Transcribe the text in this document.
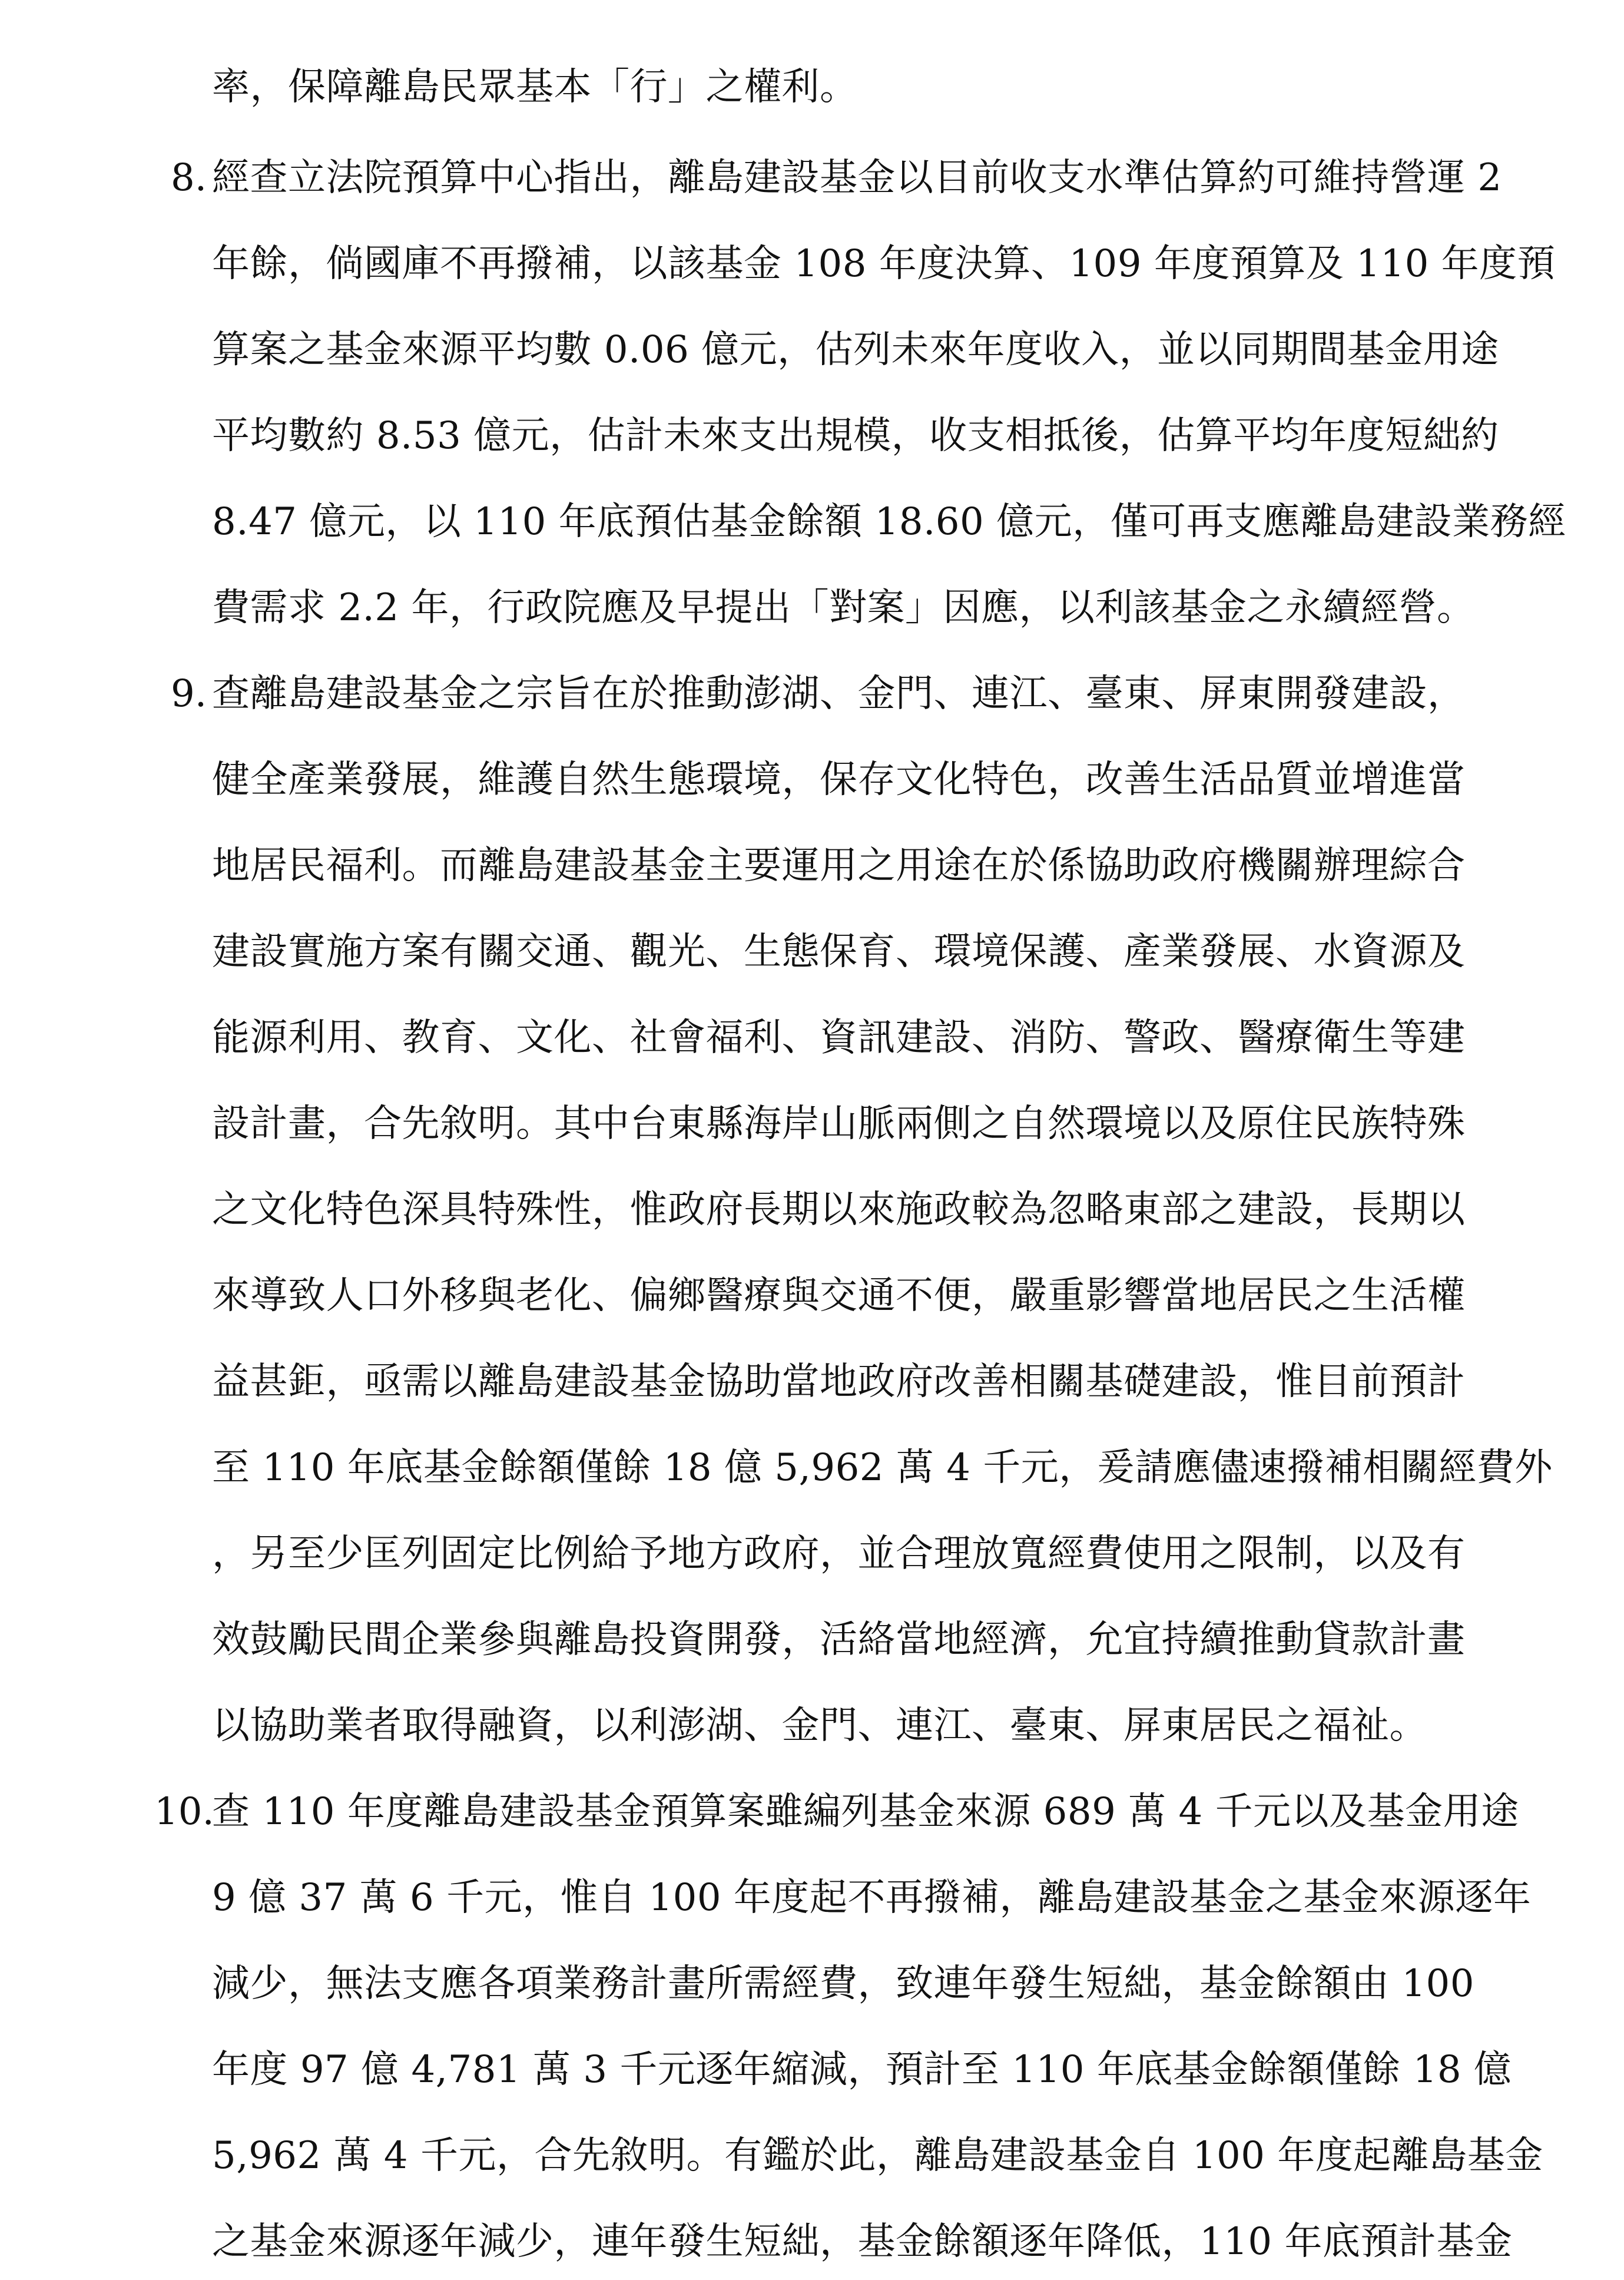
率，保障離島民眾基本「行」之權利。

8. 經查立法院預算中心指出，離島建設基金以目前收支水準估算約可維持營運 2

年餘，倘國庫不再撥補，以該基金 108 年度決算、109 年度預算及 110 年度預

算案之基金來源平均數 0.06 億元，估列未來年度收入，並以同期間基金用途

平均數約 8.53 億元，估計未來支出規模，收支相抵後，估算平均年度短絀約

8.47 億元，以 110 年底預估基金餘額 18.60 億元，僅可再支應離島建設業務經

費需求 2.2 年，行政院應及早提出「對案」因應，以利該基金之永續經營。

9. 查離島建設基金之宗旨在於推動澎湖、金門、連江、臺東、屏東開發建設，

健全產業發展，維護自然生態環境，保存文化特色，改善生活品質並增進當

地居民福利。而離島建設基金主要運用之用途在於係協助政府機關辦理綜合

建設實施方案有關交通、觀光、生態保育、環境保護、產業發展、水資源及

能源利用、教育、文化、社會福利、資訊建設、消防、警政、醫療衛生等建

設計畫，合先敘明。其中台東縣海岸山脈兩側之自然環境以及原住民族特殊

之文化特色深具特殊性，惟政府長期以來施政較為忽略東部之建設，長期以

來導致人口外移與老化、偏鄉醫療與交通不便，嚴重影響當地居民之生活權

益甚鉅，亟需以離島建設基金協助當地政府改善相關基礎建設，惟目前預計

至 110 年底基金餘額僅餘 18 億 5,962 萬 4 千元，爰請應儘速撥補相關經費外

，另至少匡列固定比例給予地方政府，並合理放寬經費使用之限制，以及有

效鼓勵民間企業參與離島投資開發，活絡當地經濟，允宜持續推動貸款計畫

以協助業者取得融資，以利澎湖、金門、連江、臺東、屏東居民之福祉。

10.

查 110 年度離島建設基金預算案雖編列基金來源 689 萬 4 千元以及基金用途

9 億 37 萬 6 千元，惟自 100 年度起不再撥補，離島建設基金之基金來源逐年

減少，無法支應各項業務計畫所需經費，致連年發生短絀，基金餘額由 100

年度 97 億 4,781 萬 3 千元逐年縮減，預計至 110 年底基金餘額僅餘 18 億

5,962 萬 4 千元，合先敘明。有鑑於此，離島建設基金自 100 年度起離島基金

之基金來源逐年減少，連年發生短絀，基金餘額逐年降低，110 年底預計基金
